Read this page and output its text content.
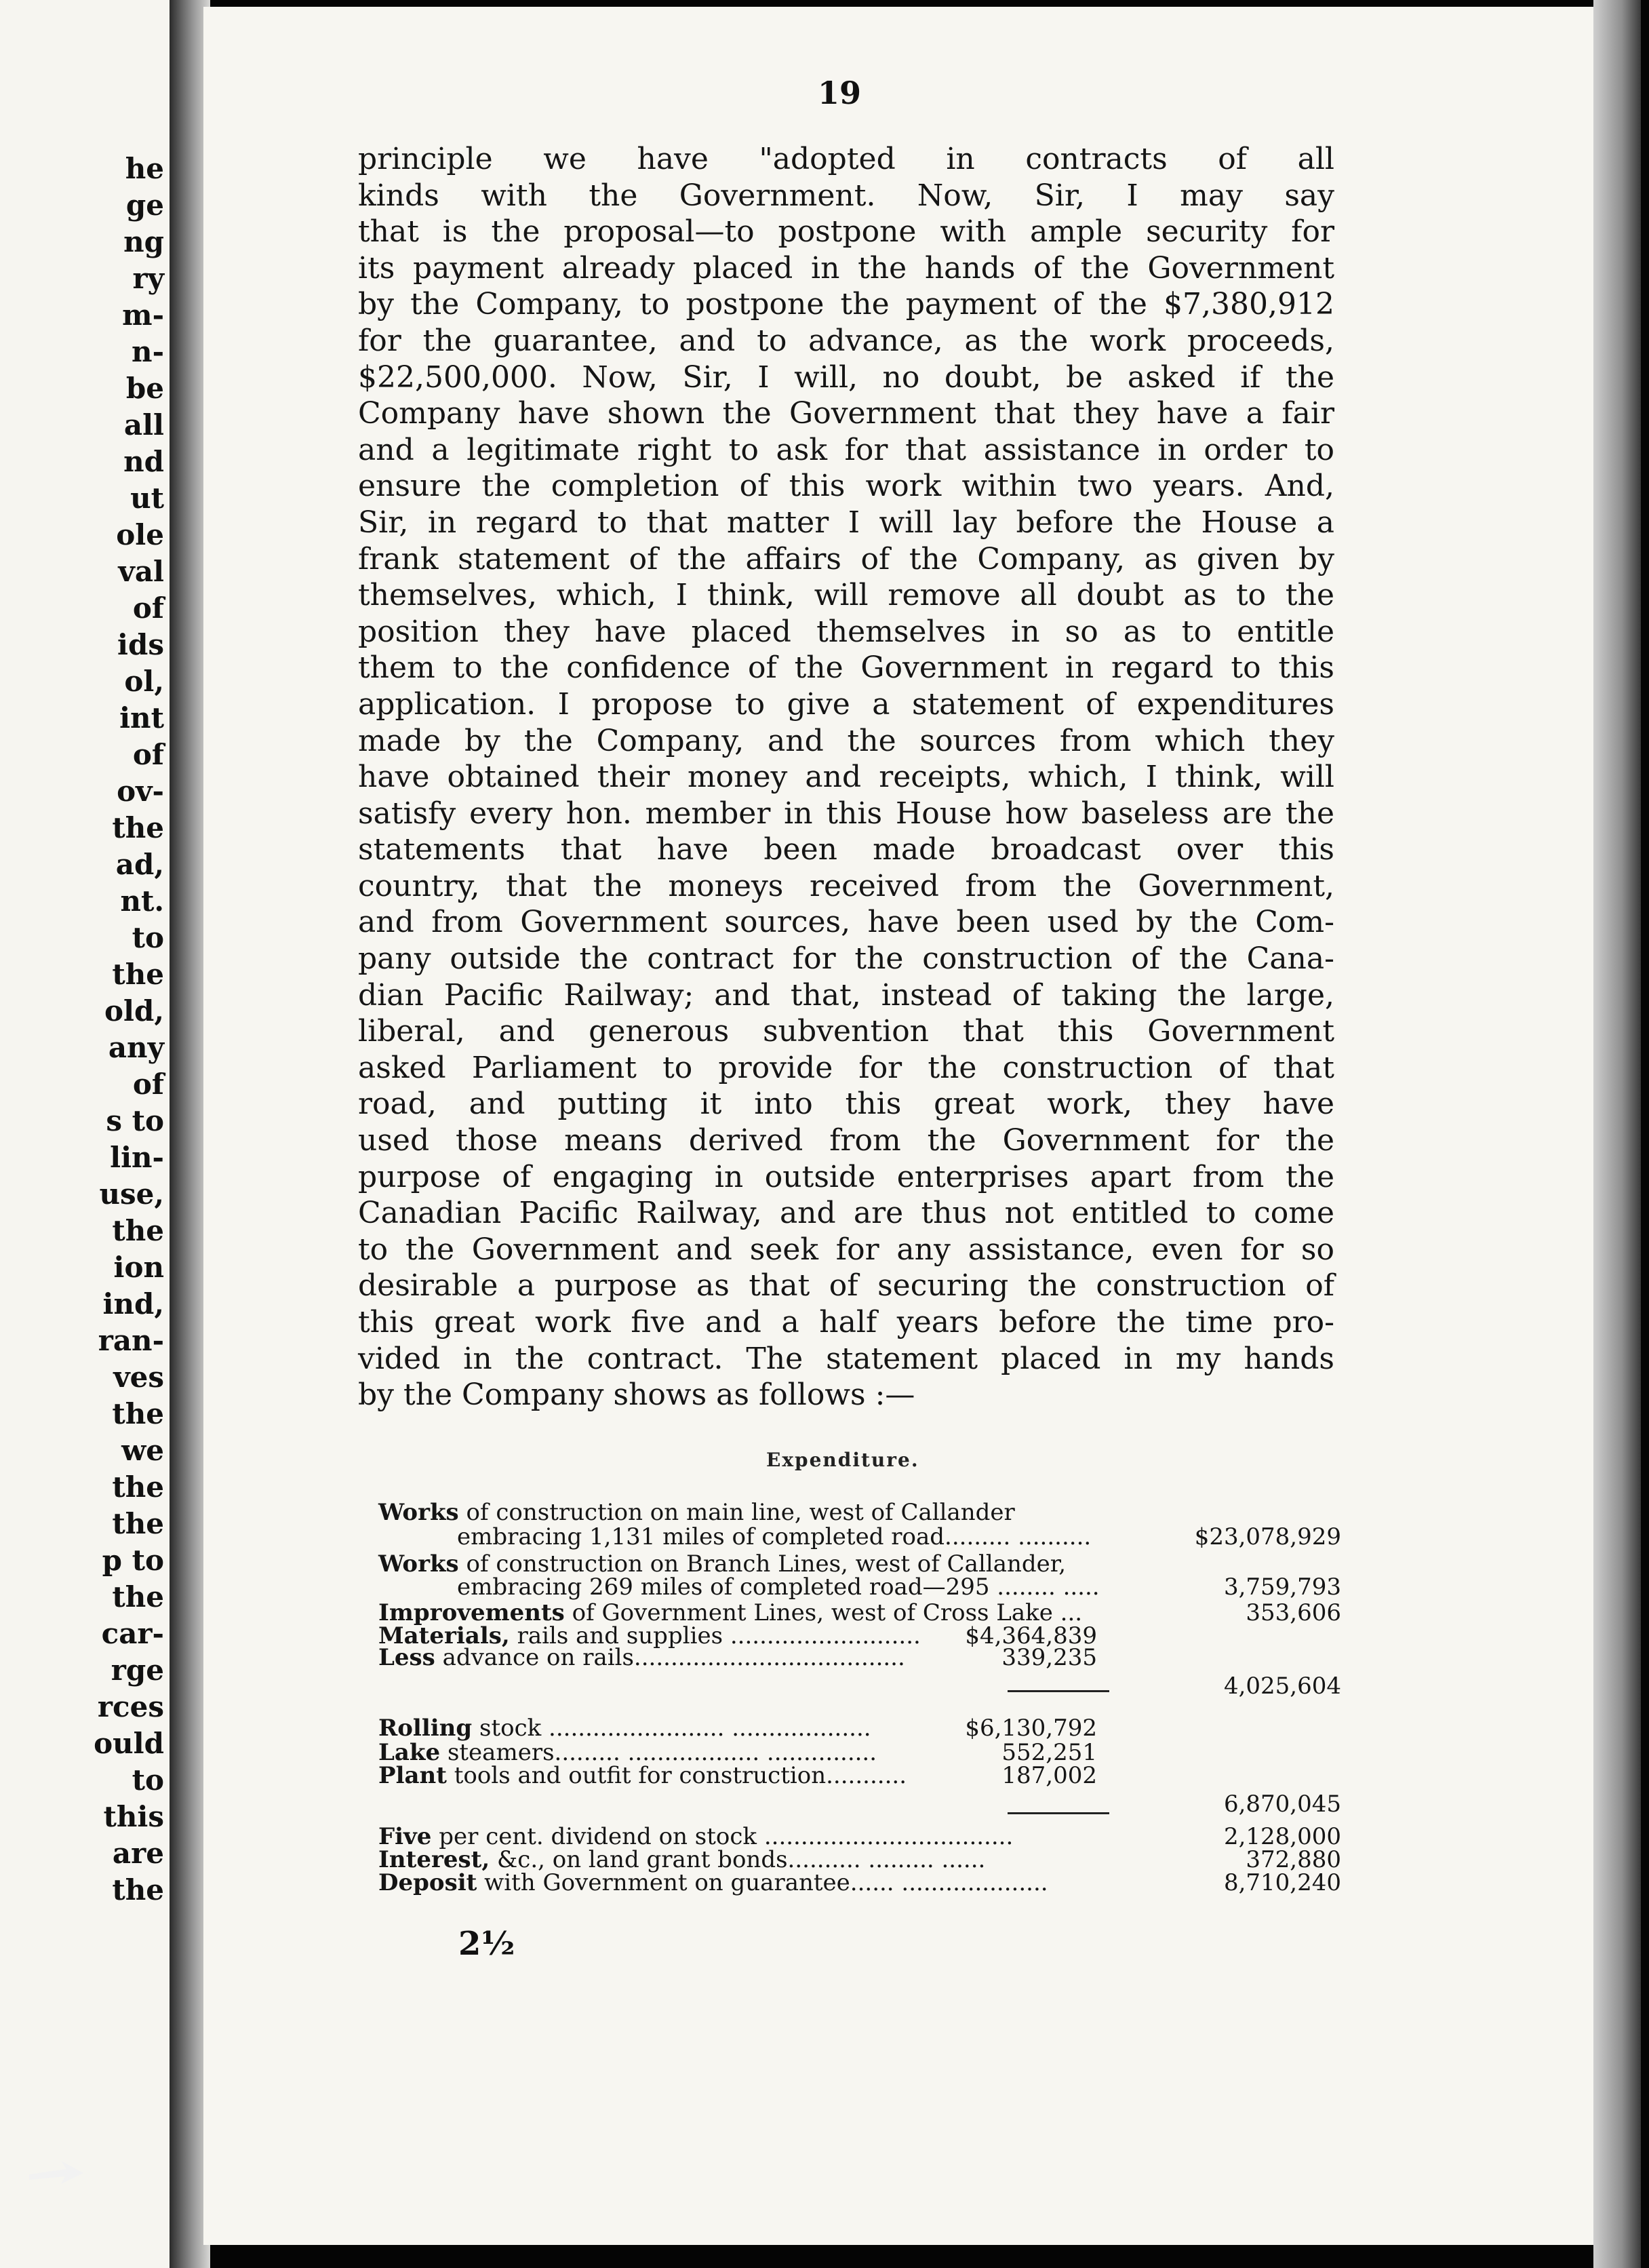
he
ge
ng
ry
m-
n-
be
all
nd
ut
ole
val
of
ids
ol,
int
of
ov-
the
ad,
nt.
to
the
old,
any
of
s to
lin-
use,
the
ion
ind,
ran-
ves
the
we
the
the
p to
the
car-
rge
rces
ould
to
this
are
the
19
principle we have "adopted in contracts of all
kinds with the Government. Now, Sir, I may say
that is the proposal—to postpone with ample security for
its payment already placed in the hands of the Government
by the Company, to postpone the payment of the $7,380,912
for the guarantee, and to advance, as the work proceeds,
$22,500,000. Now, Sir, I will, no doubt, be asked if the
Company have shown the Government that they have a fair
and a legitimate right to ask for that assistance in order to
ensure the completion of this work within two years. And,
Sir, in regard to that matter I will lay before the House a
frank statement of the affairs of the Company, as given by
themselves, which, I think, will remove all doubt as to the
position they have placed themselves in so as to entitle
them to the confidence of the Government in regard to this
application. I propose to give a statement of expenditures
made by the Company, and the sources from which they
have obtained their money and receipts, which, I think, will
satisfy every hon. member in this House how baseless are the
statements that have been made broadcast over this
country, that the moneys received from the Government,
and from Government sources, have been used by the Com-
pany outside the contract for the construction of the Cana-
dian Pacific Railway; and that, instead of taking the large,
liberal, and generous subvention that this Government
asked Parliament to provide for the construction of that
road, and putting it into this great work, they have
used those means derived from the Government for the
purpose of engaging in outside enterprises apart from the
Canadian Pacific Railway, and are thus not entitled to come
to the Government and seek for any assistance, even for so
desirable a purpose as that of securing the construction of
this great work five and a half years before the time pro-
vided in the contract. The statement placed in my hands
by the Company shows as follows :—
Expenditure.
Works of construction on main line, west of Callander
embracing 1,131 miles of completed road......... ..........	$23,078,929
Works of construction on Branch Lines, west of Callander,
embracing 269 miles of completed road—295 ........ .....	3,759,793
Improvements of Government Lines, west of Cross Lake ...	353,606
Materials, rails and supplies .......................... $4,364,839
Less advance on rails.....................................	339,235
4,025,604
Rolling stock ........................ ...................	$6,130,792
Lake steamers......... .................. ...............	552,251
Plant tools and outfit for construction...........	187,002
6,870,045
Five per cent. dividend on stock ..................................	2,128,000
Interest, &c., on land grant bonds.......... ......... ......	372,880
Deposit with Government on guarantee...... ....................	8,710,240
2½
